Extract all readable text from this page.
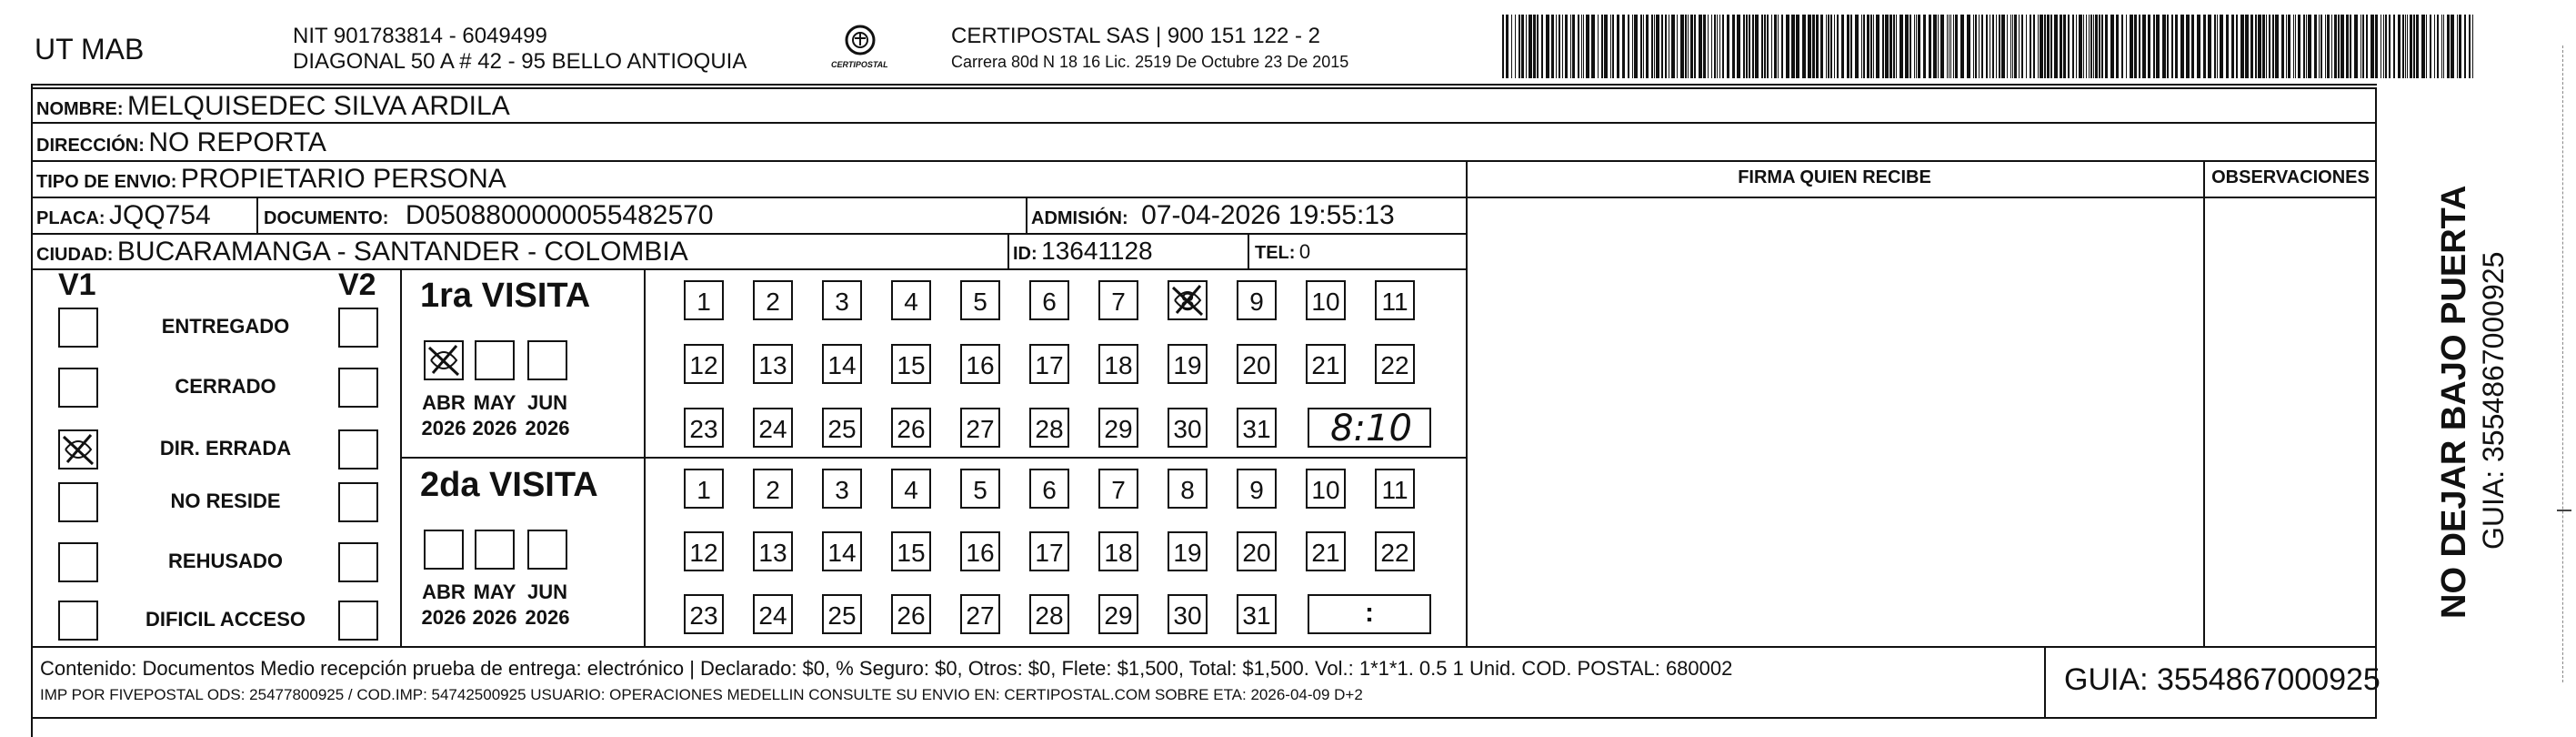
UT MAB	NIT 901783814 - 6049499
DIAGONAL 50 A # 42 - 95 BELLO ANTIOQUIA	CERTIPOSTAL
CERTIPOSTAL SAS | 900 151 122 - 2
Carrera 80d N 18 16 Lic. 2519 De Octubre 23 De 2015
NOMBRE: MELQUISEDEC SILVA ARDILA
DIRECCIÓN: NO REPORTA
TIPO DE ENVIO: PROPIETARIO PERSONA
PLACA: JQQ754	DOCUMENTO: D0508800000055482570	ADMISIÓN: 07-04-2026 19:55:13
CIUDAD: BUCARAMANGA - SANTANDER - COLOMBIA	ID: 13641128	TEL: 0
FIRMA QUIEN RECIBE	OBSERVACIONES
V1	V2
ENTREGADO
CERRADO
DIR. ERRADA
NO RESIDE
REHUSADO
DIFICIL ACCESO
1ra VISITA
2da VISITA
ABR
2026
MAY
2026
JUN
2026
ABR
2026
MAY
2026
JUN
2026
1	2	3	4	5	6	7	8	9	10 11
12 13 14 15 16 17 18 19 20 21 22
23 24 25 26 27 28 29 30 31
1	2	3	4	5	6	7	8	9	10 11
12 13 14 15 16 17 18 19 20 21 22
23 24 25 26 27 28 29 30 31
8:10
:
Contenido: Documentos Medio recepción prueba de entrega: electrónico | Declarado: $0, % Seguro: $0, Otros: $0, Flete: $1,500, Total: $1,500. Vol.: 1*1*1. 0.5 1 Unid. COD. POSTAL: 680002
IMP POR FIVEPOSTAL ODS: 25477800925 / COD.IMP: 54742500925 USUARIO: OPERACIONES MEDELLIN CONSULTE SU ENVIO EN: CERTIPOSTAL.COM SOBRE ETA: 2026-04-09 D+2	GUIA: 3554867000925
NO DEJAR BAJO PUERTA GUIA: 3554867000925
